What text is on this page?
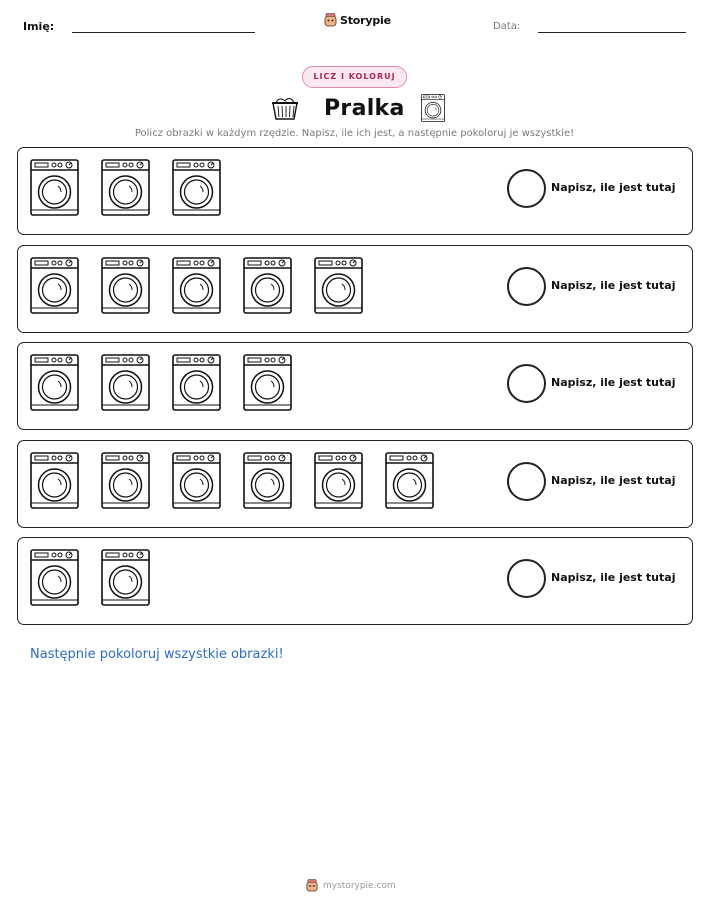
Imię:	Storypie	Data:
LICZ I KOLORUJ
Pralka
Policz obrazki w każdym rzędzie. Napisz, ile ich jest, a następnie pokoloruj je wszystkie!
Napisz, ile jest tutaj
Napisz, ile jest tutaj
Napisz, ile jest tutaj
Napisz, ile jest tutaj
Napisz, ile jest tutaj
Następnie pokoloruj wszystkie obrazki!
mystorypie.com
